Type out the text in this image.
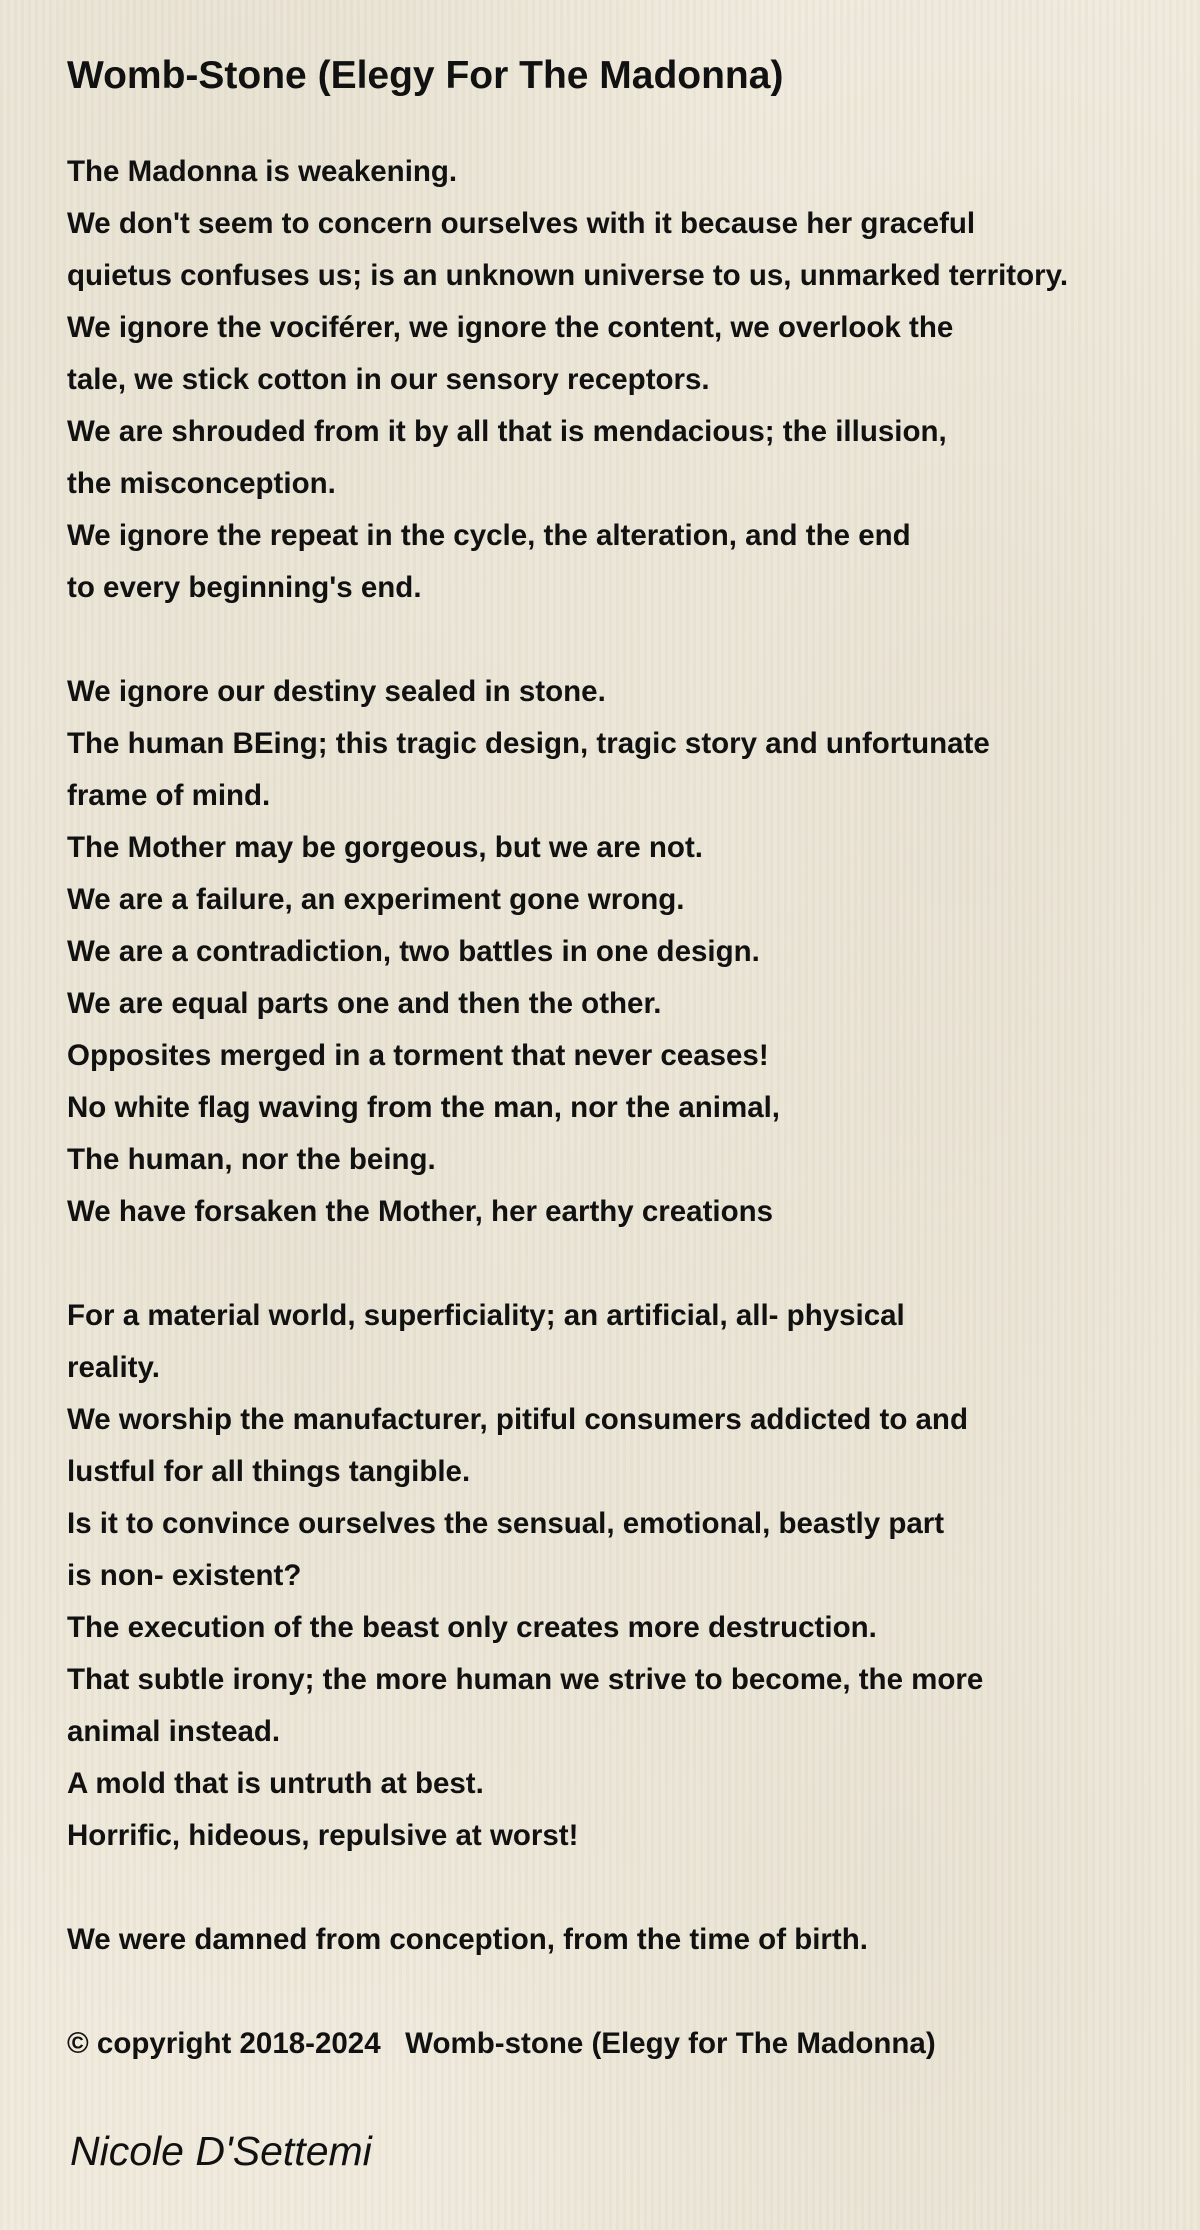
Womb-Stone (Elegy For The Madonna)
The Madonna is weakening.
We don't seem to concern ourselves with it because her graceful
quietus confuses us; is an unknown universe to us, unmarked territory.
We ignore the vociférer, we ignore the content, we overlook the
tale, we stick cotton in our sensory receptors.
We are shrouded from it by all that is mendacious; the illusion,
the misconception.
We ignore the repeat in the cycle, the alteration, and the end
to every beginning's end.
We ignore our destiny sealed in stone.
The human BEing; this tragic design, tragic story and unfortunate
frame of mind.
The Mother may be gorgeous, but we are not.
We are a failure, an experiment gone wrong.
We are a contradiction, two battles in one design.
We are equal parts one and then the other.
Opposites merged in a torment that never ceases!
No white flag waving from the man, nor the animal,
The human, nor the being.
We have forsaken the Mother, her earthy creations
For a material world, superficiality; an artificial, all- physical
reality.
We worship the manufacturer, pitiful consumers addicted to and
lustful for all things tangible.
Is it to convince ourselves the sensual, emotional, beastly part
is non- existent?
The execution of the beast only creates more destruction.
That subtle irony; the more human we strive to become, the more
animal instead.
A mold that is untruth at best.
Horrific, hideous, repulsive at worst!
We were damned from conception, from the time of birth.
© copyright 2018-2024   Womb-stone (Elegy for The Madonna)
Nicole D'Settemi
